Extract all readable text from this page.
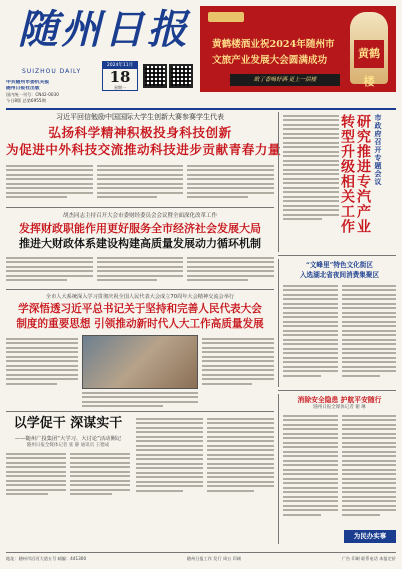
随州日报
SUIZHOU DAILY
2024年11月
18
星期一
中共随州市委机关报
随州日报社出版
国内统一刊号：CN42-0030
今日8版 总第6955期
黄鹤楼酒业祝2024年随州市
文旅产业发展大会圆满成功
欧了香喝好酒·更上一层楼
黄鹤楼
习近平回信勉励中国国际大学生创新大赛参赛学生代表
弘扬科学精神积极投身科技创新
为促进中外科技交流推动科技进步贡献青春力量
胡杰同志主持召开大会市委财经委员会会议暨全面深化改革工作
发挥财政职能作用更好服务全市经济社会发展大局
推进大财政体系建设构建高质量发展动力循环机制
全市人大系统深入学习贯彻庆祝全国人民代表大会成立70周年大会精神交流会举行
学深悟透习近平总书记关于坚持和完善人民代表大会
制度的重要思想 引领推动新时代人大工作高质量发展
以学促干 深谋实干
——随州广投集团“大学习、大讨论”活动侧记
随州日报全媒体记者 张 静 通讯员 王德成
市政府召开专题会议
研究推进专汽产业
转型升级相关工作
“文峰里”特色文化街区
入选湖北省夜间消费集聚区
消除安全隐患 护航平安随行
随州日报全媒体记者 谢 琳
为民办实事
地址：随州市沿河大道五号 邮编：441300	随州日报工作 发行 周五 印刷	广告 印刷 联系电话 本报定价
